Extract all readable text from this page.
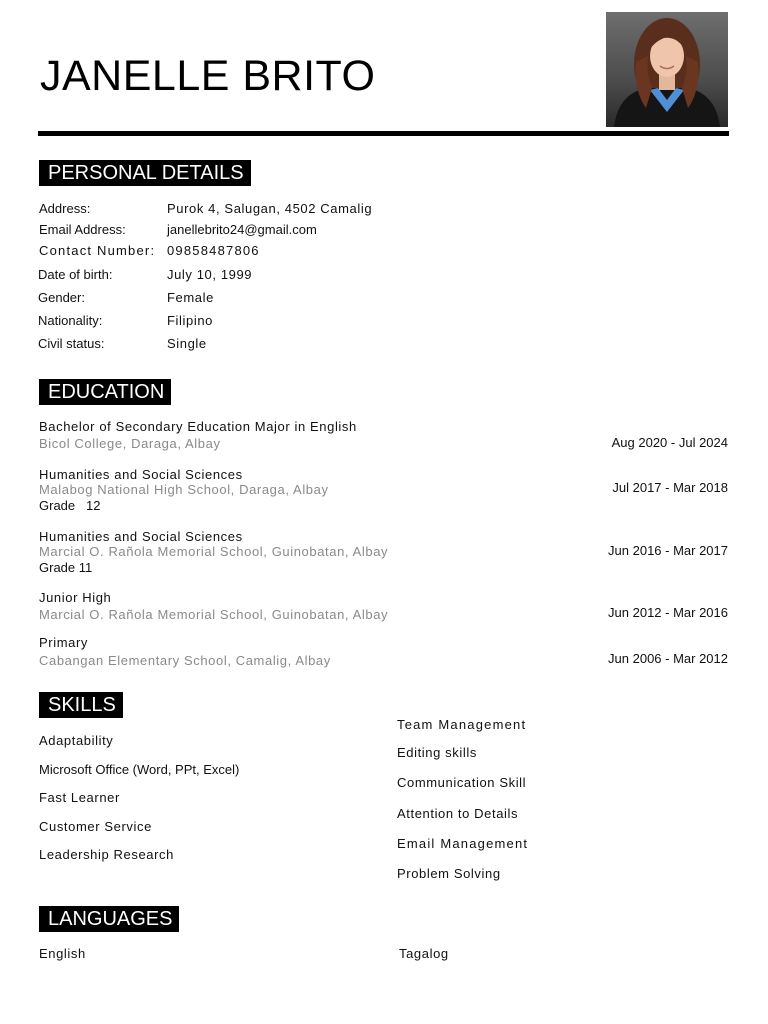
JANELLE BRITO
PERSONAL DETAILS
Address:	Purok 4, Salugan, 4502 Camalig
Email Address:	janellebrito24@gmail.com
Contact Number: 09858487806
Date of birth:	July 10, 1999
Gender:	Female
Nationality:	Filipino
Civil status:	Single
EDUCATION
Bachelor of Secondary Education Major in English
Bicol College, Daraga, Albay	Aug 2020 - Jul 2024
Humanities and Social Sciences
Malabog National High School, Daraga, Albay
Grade   12
Jul 2017 - Mar 2018
Humanities and Social Sciences
Marcial O. Rañola Memorial School, Guinobatan, Albay
Grade 11
Jun 2016 - Mar 2017
Junior High
Marcial O. Rañola Memorial School, Guinobatan, Albay	Jun 2012 - Mar 2016
Primary
Cabangan Elementary School, Camalig, Albay	Jun 2006 - Mar 2012
SKILLS
Adaptability
Microsoft Office (Word, PPt, Excel)
Fast Learner
Customer Service
Leadership Research
Team Management
Editing skills
Communication Skill
Attention to Details
Email Management
Problem Solving
LANGUAGES
English	Tagalog
